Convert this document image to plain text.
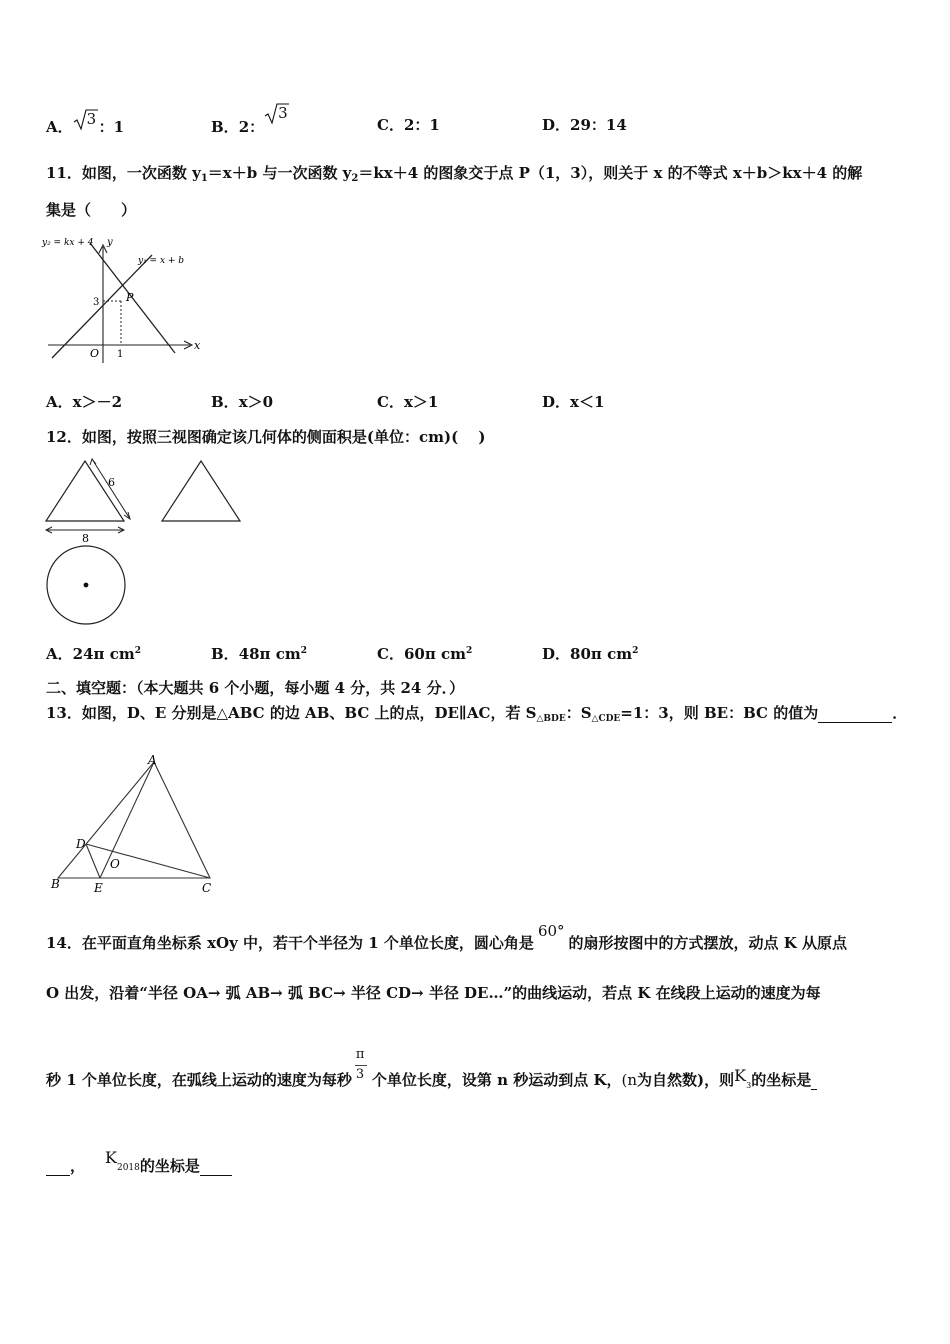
A． 3 ：1	B．2：
3
C．2：1	D．29：14
11．如图，一次函数 $y_1=x+b$ 与一次函数 $y_2=kx+4$ 的图象交于点 P（1，3），则关于 x 的不等式 x＋b＞kx＋4 的解
集是（　　）
y₂ = kx + 4
y₁ = x + b
P
3
O 1
x
y
A．x＞－2	B．x＞0	C．x＞1	D．x＜1
12．如图，按照三视图确定该几何体的侧面积是(单位：cm)(　 )
6
8
A．24π $cm^2$	B．48π $cm^2$	C．60π $cm^2$	D．80π $cm^2$
二、填空题：（本大题共 6 个小题，每小题 4 分，共 24 分．）
13．如图，D、E 分别是△ABC 的边 AB、BC 上的点，DE∥AC，若 $S_{\triangle BDE}$：$S_{\triangle CDE}=1$：3，则 BE：BC 的值为	．
A
B	C
D
E
O
14．在平面直角坐标系 xOy 中，若干个半径为 1 个单位长度，圆心角是60°的扇形按图中的方式摆放，动点 K 从原点
O 出发，沿着“半径 OA→ 弧 AB→ 弧 BC→ 半径 CD→ 半径 DE…”的曲线运动，若点 K 在线段上运动的速度为每
秒 1 个单位长度，在弧线上运动的速度为每秒 $\frac{\pi}{3}$ 个单位长度，设第 n 秒运动到点 K，(n为自然数)，则$K_3$的坐标是
， $K_{2018}$的坐标是
